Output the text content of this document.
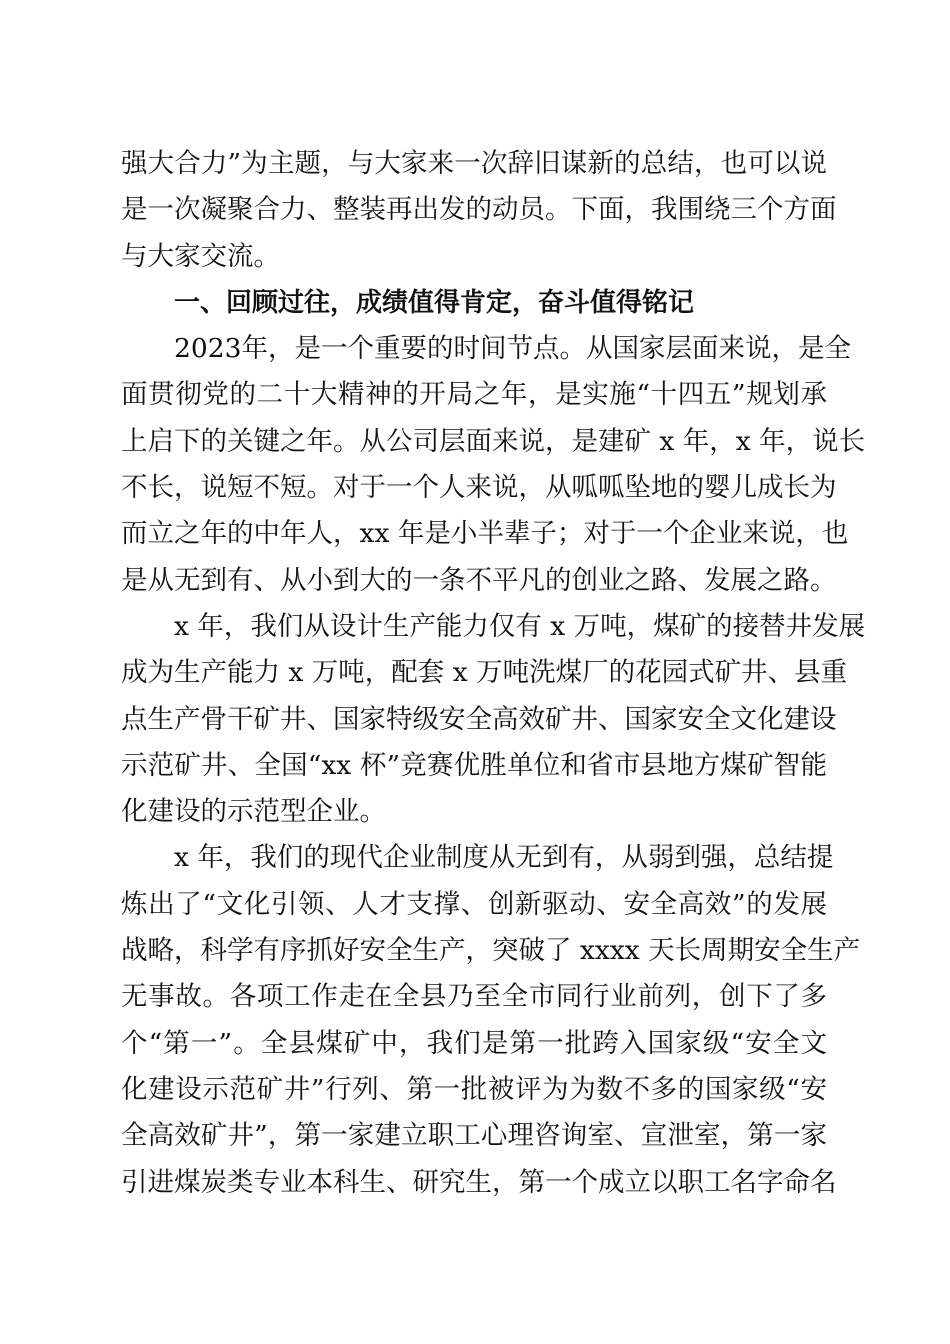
强大合力”为主题，与大家来一次辞旧谋新的总结，也可以说
是一次凝聚合力、整装再出发的动员。下面，我围绕三个方面
与大家交流。
一、回顾过往，成绩值得肯定，奋斗值得铭记
2023年，是一个重要的时间节点。从国家层面来说，是全
面贯彻党的二十大精神的开局之年，是实施“十四五”规划承
上启下的关键之年。从公司层面来说，是建矿 x 年，x 年，说长
不长，说短不短。对于一个人来说，从呱呱坠地的婴儿成长为
而立之年的中年人，xx 年是小半辈子；对于一个企业来说，也
是从无到有、从小到大的一条不平凡的创业之路、发展之路。
x 年，我们从设计生产能力仅有 x 万吨，煤矿的接替井发展
成为生产能力 x 万吨，配套 x 万吨洗煤厂的花园式矿井、县重
点生产骨干矿井、国家特级安全高效矿井、国家安全文化建设
示范矿井、全国“xx 杯”竞赛优胜单位和省市县地方煤矿智能
化建设的示范型企业。
x 年，我们的现代企业制度从无到有，从弱到强，总结提
炼出了“文化引领、人才支撑、创新驱动、安全高效”的发展
战略，科学有序抓好安全生产，突破了 xxxx 天长周期安全生产
无事故。各项工作走在全县乃至全市同行业前列，创下了多
个“第一”。全县煤矿中，我们是第一批跨入国家级“安全文
化建设示范矿井”行列、第一批被评为为数不多的国家级“安
全高效矿井”，第一家建立职工心理咨询室、宣泄室，第一家
引进煤炭类专业本科生、研究生，第一个成立以职工名字命名
